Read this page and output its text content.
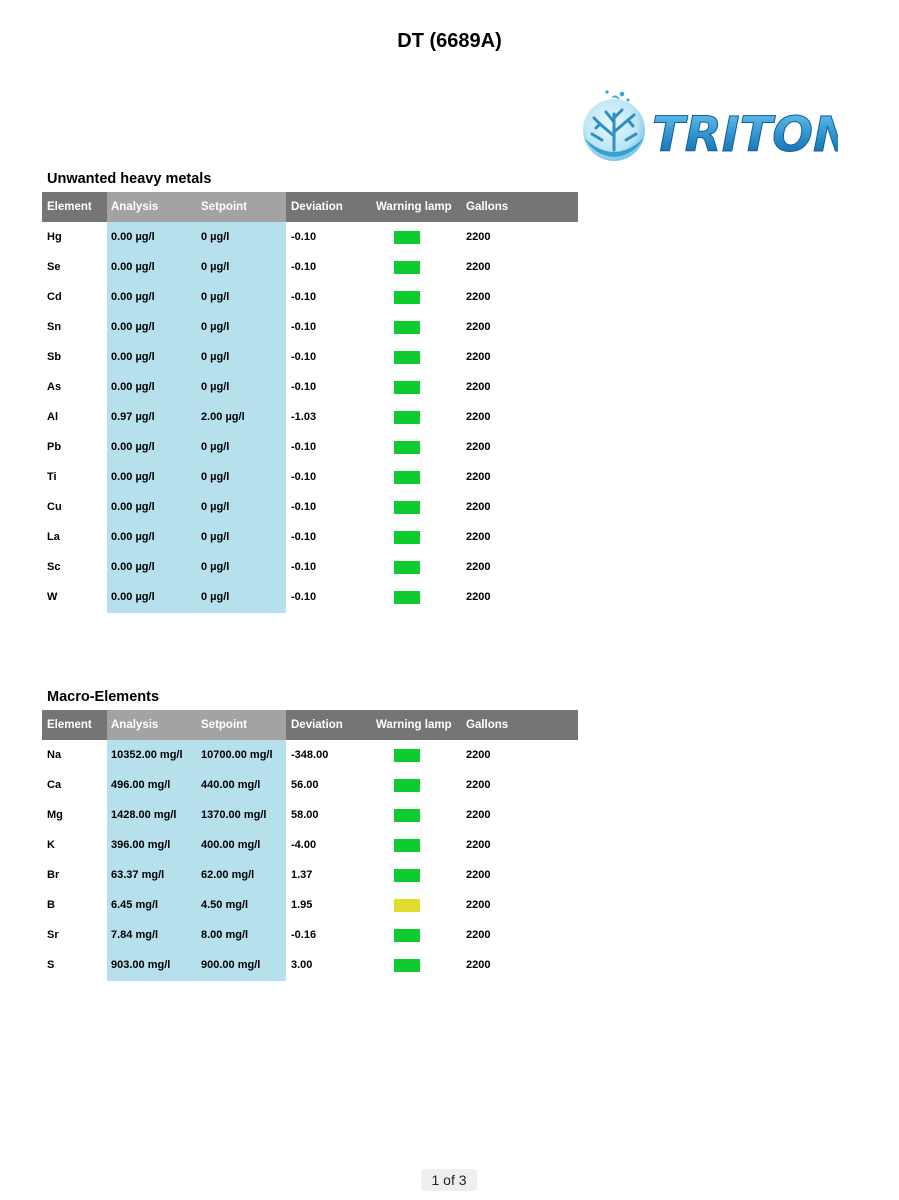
DT (6689A)
TRITON
Unwanted heavy metals
Element Analysis	Setpoint	Deviation	Warning lamp Gallons
Hg	0.00 µg/l	0 µg/l	-0.10	2200
Se	0.00 µg/l	0 µg/l	-0.10	2200
Cd	0.00 µg/l	0 µg/l	-0.10	2200
Sn	0.00 µg/l	0 µg/l	-0.10	2200
Sb	0.00 µg/l	0 µg/l	-0.10	2200
As	0.00 µg/l	0 µg/l	-0.10	2200
Al	0.97 µg/l	2.00 µg/l	-1.03	2200
Pb	0.00 µg/l	0 µg/l	-0.10	2200
Ti	0.00 µg/l	0 µg/l	-0.10	2200
Cu	0.00 µg/l	0 µg/l	-0.10	2200
La	0.00 µg/l	0 µg/l	-0.10	2200
Sc	0.00 µg/l	0 µg/l	-0.10	2200
W	0.00 µg/l	0 µg/l	-0.10	2200
Macro-Elements
Element Analysis	Setpoint	Deviation	Warning lamp Gallons
Na	10352.00 mg/l 10700.00 mg/l -348.00	2200
Ca	496.00 mg/l	440.00 mg/l	56.00	2200
Mg	1428.00 mg/l 1370.00 mg/l 58.00	2200
K	396.00 mg/l	400.00 mg/l	-4.00	2200
Br	63.37 mg/l	62.00 mg/l	1.37	2200
B	6.45 mg/l	4.50 mg/l	1.95	2200
Sr	7.84 mg/l	8.00 mg/l	-0.16	2200
S	903.00 mg/l	900.00 mg/l	3.00	2200
1 of 3
